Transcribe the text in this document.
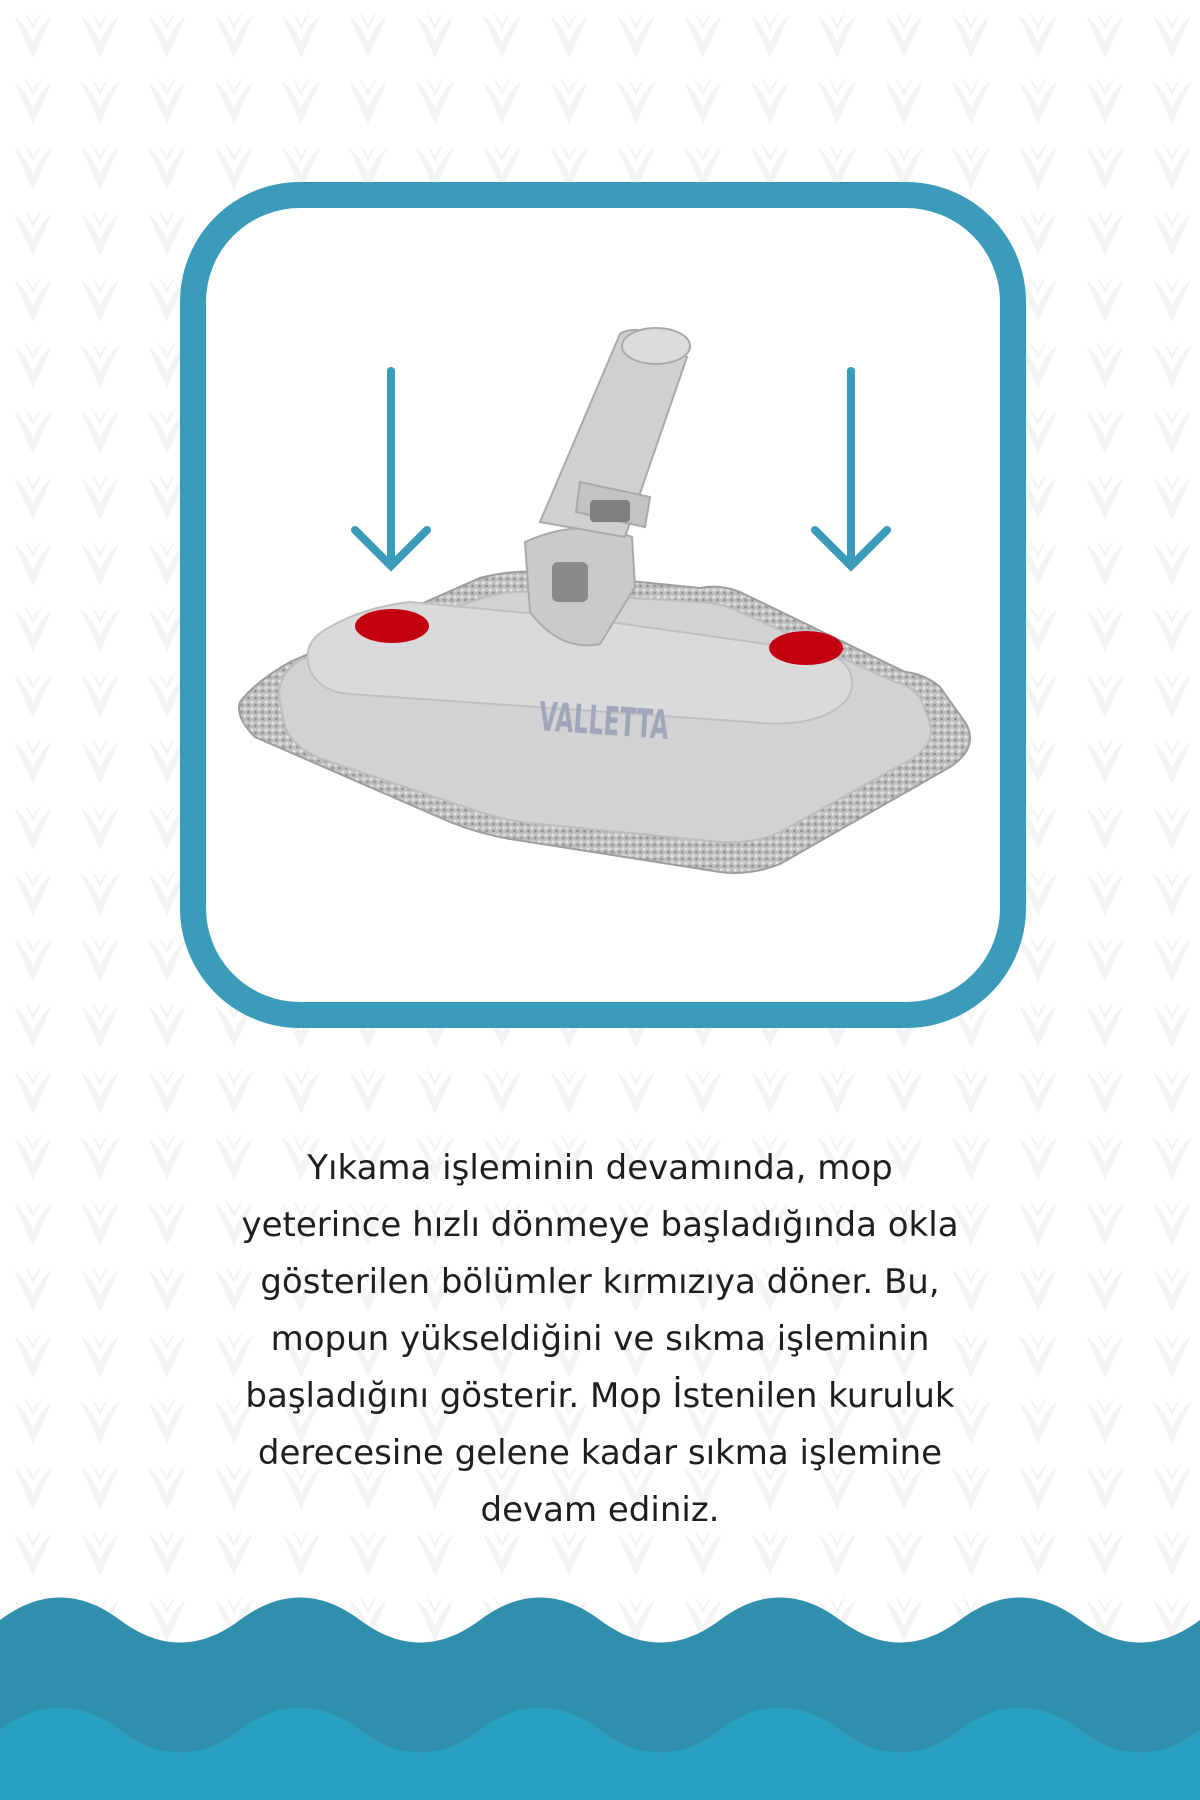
VALLETTA
Yıkama işleminin devamında, mop
yeterince hızlı dönmeye başladığında okla
gösterilen bölümler kırmızıya döner. Bu,
mopun yükseldiğini ve sıkma işleminin
başladığını gösterir. Mop İstenilen kuruluk
derecesine gelene kadar sıkma işlemine
devam ediniz.
